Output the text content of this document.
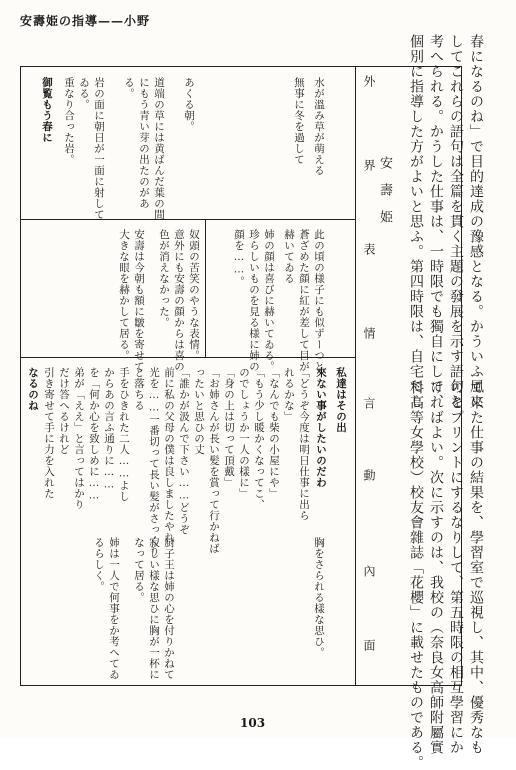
安壽姫の指導——小野

春になるのね」で目的達成の豫感となる。かういふ風に

してこれらの語句は全篇を貫く主題の發展を示す語句と

考へられる。かうした仕事は、一時限でも獨自にして、

個別に指導した方がよいと思ふ。第四時限は、自宅でし

外界表情

言動

內面

水が溫み草が萌える

無事に冬を過して

あくる朝。

道端の草には黄ばんだ葉の間

にもう青い芽の出たのがあ

る。

岩の面に朝日が一面に射して

ゐる。

重なり合った岩。

此の頃の様子にも似ずーつと

蒼ざめた顔に紅が差して目が

赫いてゐる

姉の顔は喜びに赫いてゐる。

珍らしいものを見る様に姉の

顔を……。

奴頭の苦笑のやうな表情。

意外にも安壽の顔からは喜の

色が消えなかった。

安壽は今朝も額に皺を寄せて

大きな眼を赫かして居る。

私達はその出

來ない事がしたいのだわ

「どうぞ今度は明日仕事に出ら

れるかな」

「なんでも柴の小屋にや」

「もう少し暖かくなってこ、

のでしょうか一人の樣に」

「身の上は切って頂戴」

「お姉さんが長い髪を賞って行かねば

ったいと思ひの丈

「誰かが汲んで下さい……どうぞ

前に私の父母の僕は良しましたやれ

光を……一番切って長い髪がさっくり

と落ちる

手をひきれた二人……よし

からあの言ふ通りに……

を「何か心を致しめに……

弟が「ええ」と言ってはかり

だけ答へるけれど

引き寄せて手に力を入れた

なるのね

御覧もう春に

胸をさられる樣な思ひ。

厨子王は姉の心を付りかねて

寂しい樣な思ひに胸が一杯に

なって居る。

姉は一人で何事をか考へてゐ

るらしく。

安壽姫

て來た仕事の結果を、學習室で巡視し、其中、優秀なも

のをプリントにするなりして、第五時限の相互學習にか

ければよい。次に示すのは、我校の（奈良女高師附屬實

科高等女學校）校友會雜誌「花櫻」に載せたものである。

103
